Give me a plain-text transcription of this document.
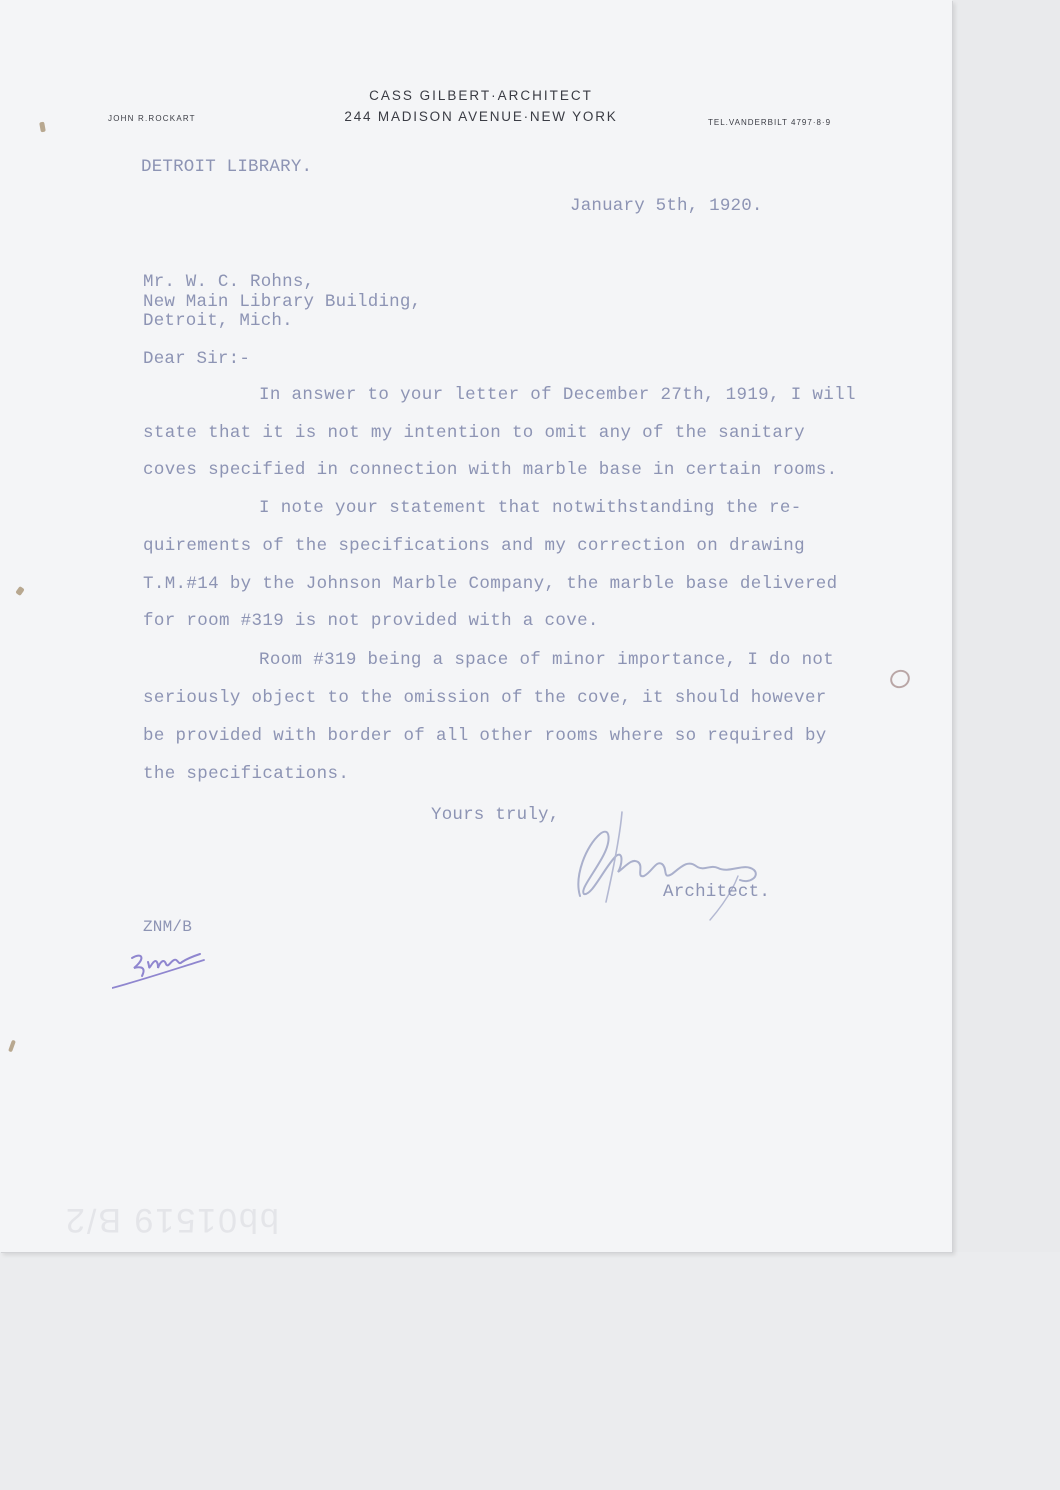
CASS GILBERT·ARCHITECT
244 MADISON AVENUE·NEW YORK
JOHN R.ROCKART	TEL.VANDERBILT 4797·8·9
DETROIT LIBRARY.
January 5th, 1920.
Mr. W. C. Rohns,
New Main Library Building,
Detroit, Mich.
Dear Sir:-
In answer to your letter of December 27th, 1919, I will
state that it is not my intention to omit any of the sanitary
coves specified in connection with marble base in certain rooms.
I note your statement that notwithstanding the re-
quirements of the specifications and my correction on drawing
T.M.#14 by the Johnson Marble Company, the marble base delivered
for room #319 is not provided with a cove.
Room #319 being a space of minor importance, I do not
seriously object to the omission of the cove, it should however
be provided with border of all other rooms where so required by
the specifications.
Yours truly,
Architect.
ZNM/B
bb01519 B/2
